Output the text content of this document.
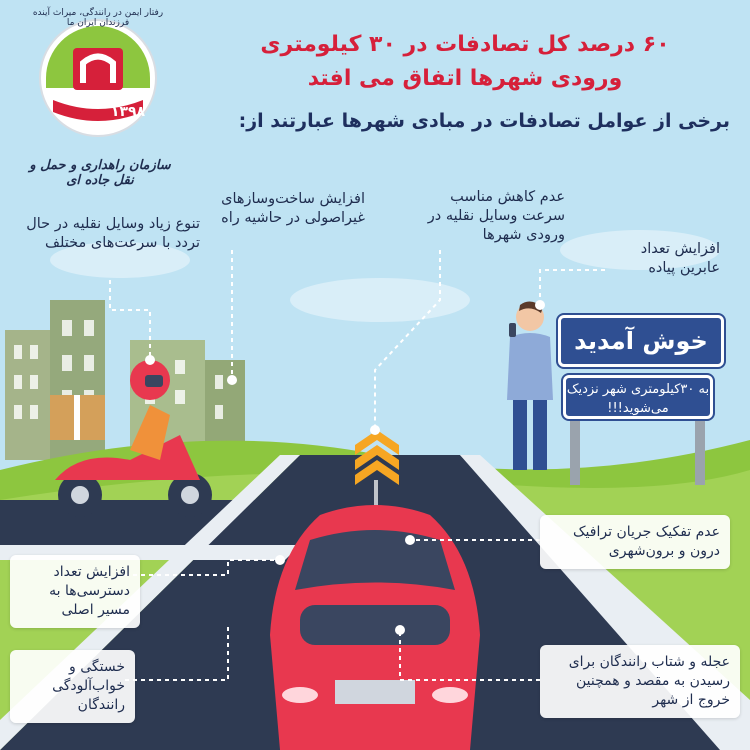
خوش آمدید
به ۳۰کیلومتری شهر نزدیک می‌شوید!!!
رفتار ایمن در رانندگی، میراث آینده فرزندان ایران ما
۱۳۹۸
سازمان راهداری و حمل و نقل جاده ای
۶۰ درصد کل تصادفات در ۳۰ کیلومتری
ورودی شهرها اتفاق می افتد
برخی از عوامل تصادفات در مبادی شهرها عبارتند از:
تنوع زیاد وسایل نقلیه در حال تردد با سرعت‌های مختلف
افزایش ساخت‌وسازهای غیراصولی در حاشیه راه
عدم کاهش مناسب سرعت وسایل نقلیه در ورودی شهرها
افزایش تعداد عابرین پیاده
عدم تفکیک جریان ترافیک درون و برون‌شهری
افزایش تعداد دسترسی‌ها به مسیر اصلی
خستگی و خواب‌آلودگی رانندگان
عجله و شتاب رانندگان برای رسیدن به مقصد و همچنین خروج از شهر
